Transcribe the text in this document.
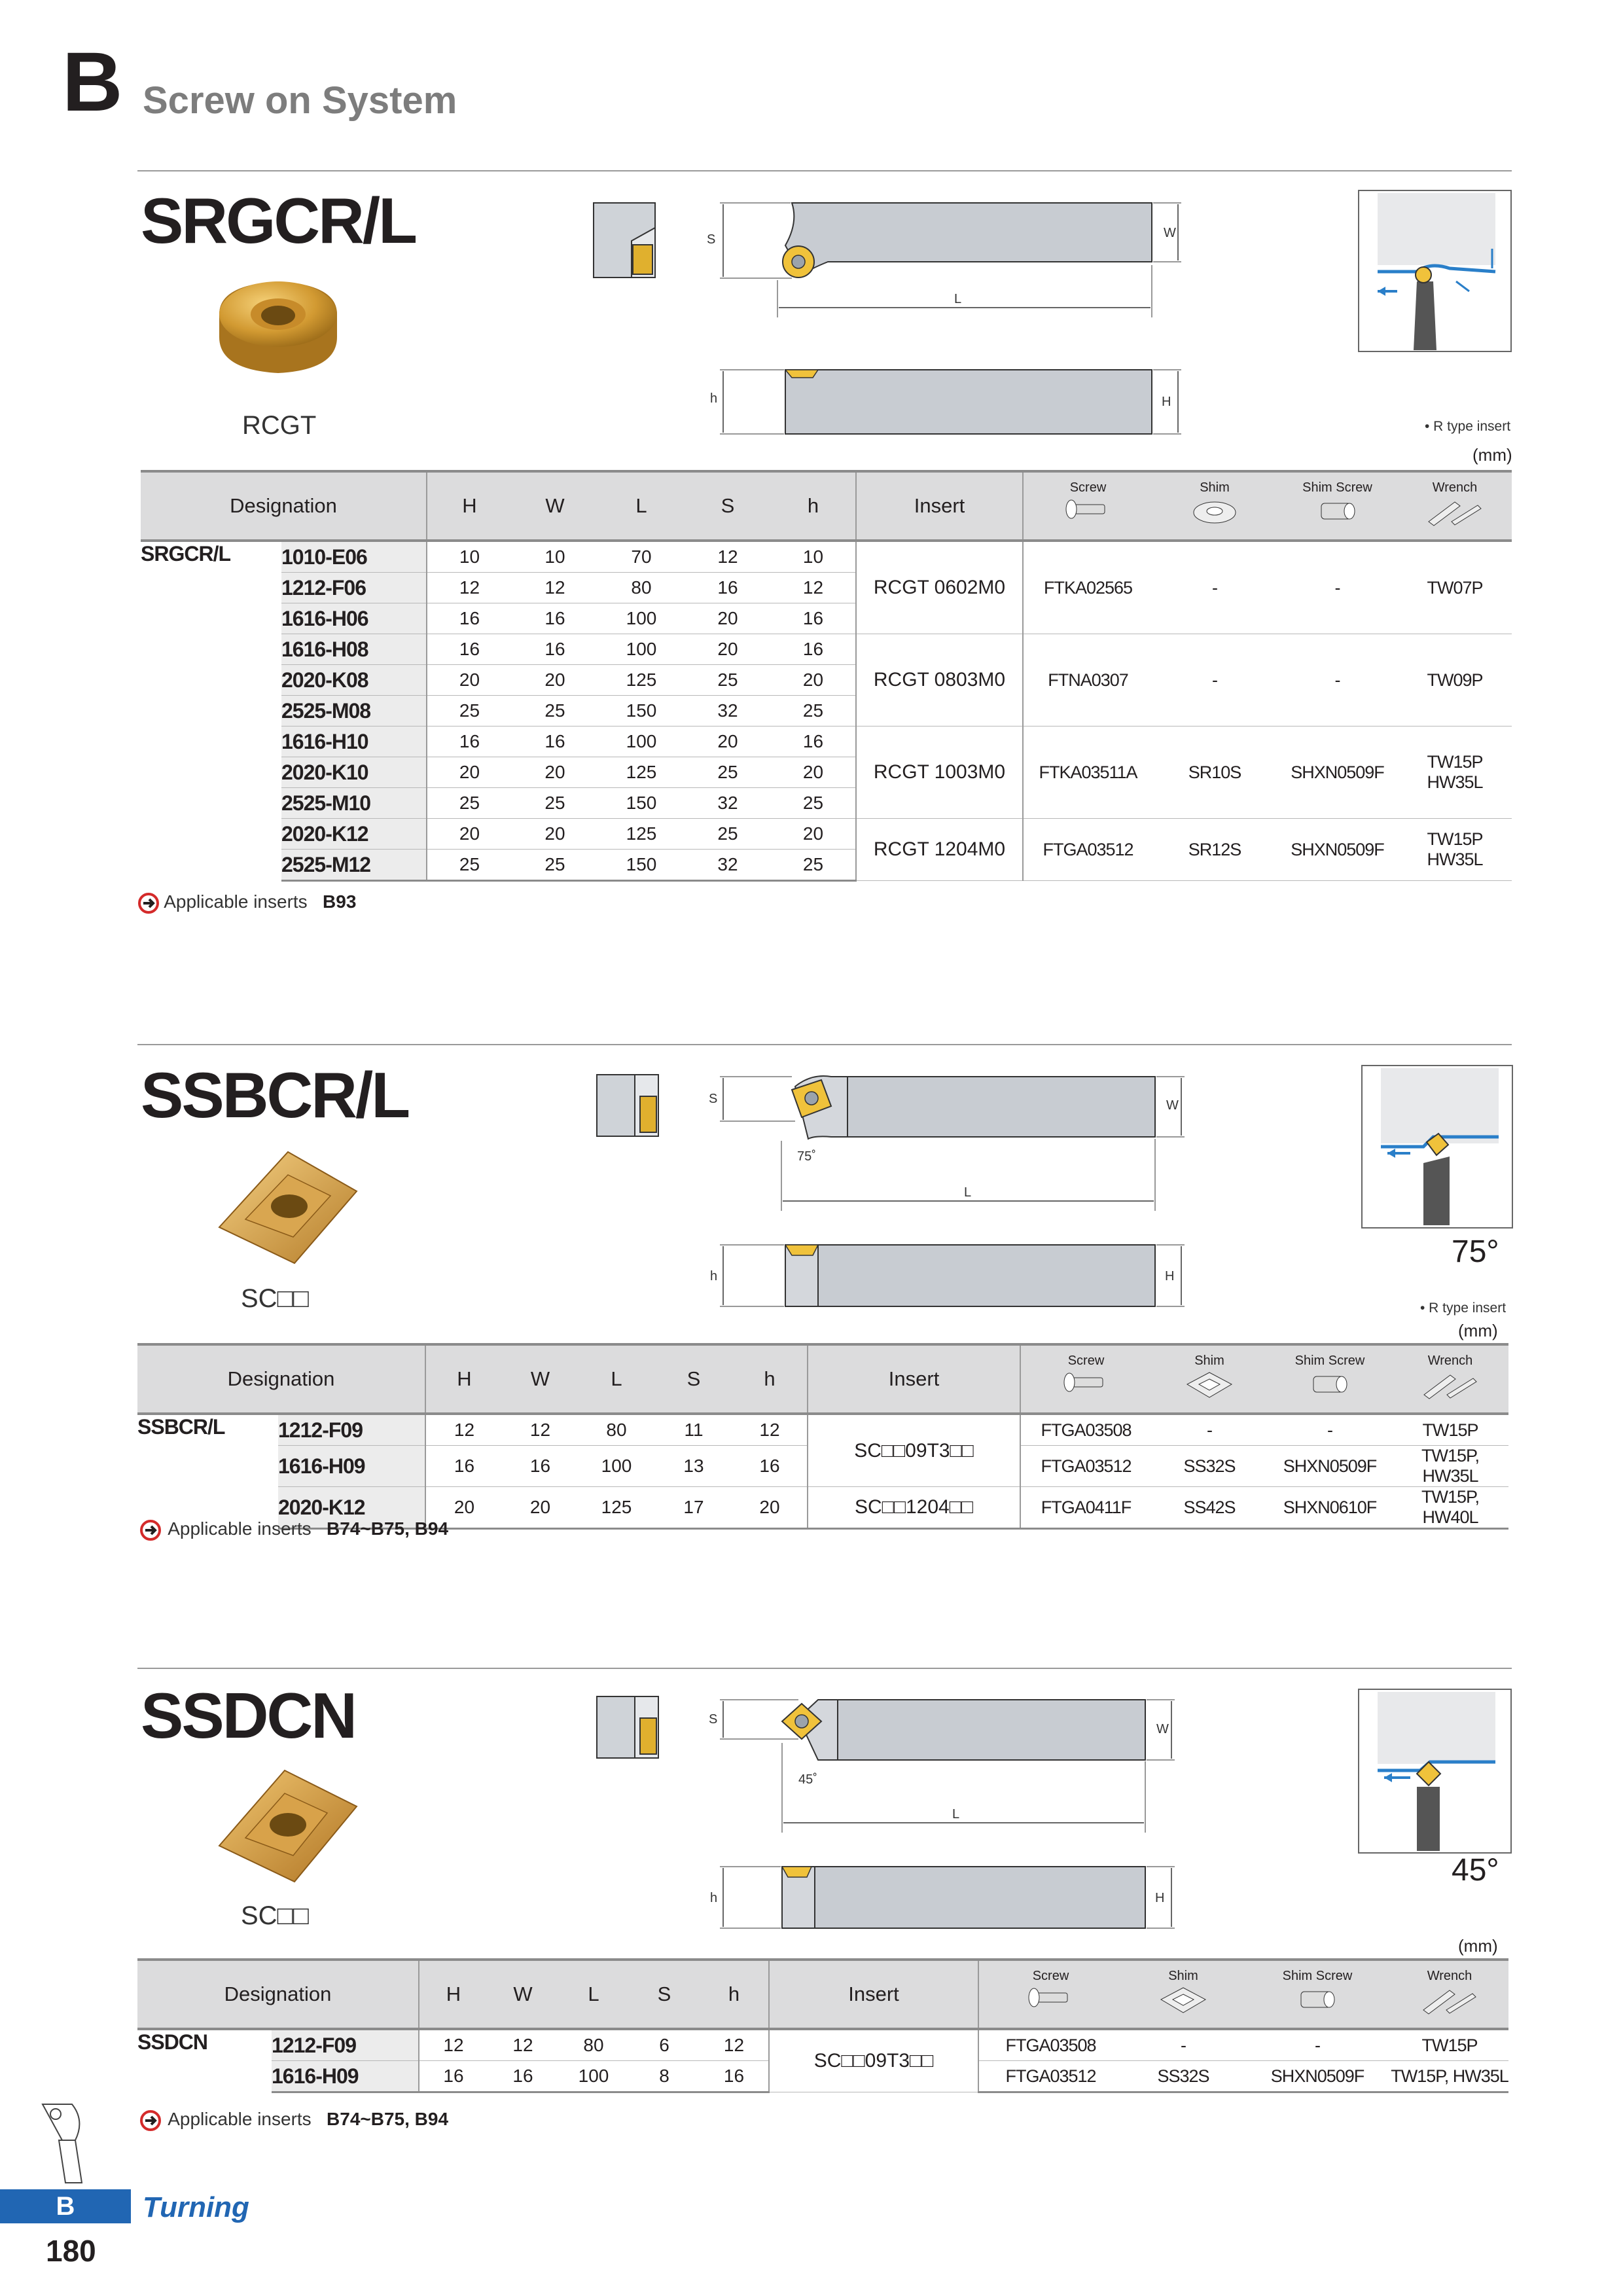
B Screw on System
SRGCR/L
RCGT
S	W
L
h	H
• R type insert
(mm)
Designation		H	W	L	S	h	Insert	Screw	Shim	Shim Screw	Wrench

SRGCR/L	1010-E06	10	10	70	12	10	RCGT 0602M0	FTKA02565	-	-	TW07P
	1212-F06	12	12	80	16	12					
	1616-H06	16	16	100	20	16					
	1616-H08	16	16	100	20	16	RCGT 0803M0	FTNA0307	-	-	TW09P
	2020-K08	20	20	125	25	20					
	2525-M08	25	25	150	32	25					
	1616-H10	16	16	100	20	16	RCGT 1003M0	FTKA03511A	SR10S	SHXN0509F	TW15P
HW35L
	2020-K10	20	20	125	25	20					
	2525-M10	25	25	150	32	25					
	2020-K12	20	20	125	25	20	RCGT 1204M0	FTGA03512	SR12S	SHXN0509F	TW15P
HW35L
	2525-M12	25	25	150	32	25					
Applicable inserts B93
SSBCR/L
SC□□
S
75˚
W
L
h	H
75°
• R type insert
(mm)
Designation		H	W	L	S	h	Insert	Screw	Shim	Shim Screw	Wrench

SSBCR/L	1212-F09	12	12	80	11	12	SC□□09T3□□	FTGA03508	-	-	TW15P
	1616-H09	16	16	100	13	16		FTGA03512	SS32S	SHXN0509F	TW15P, HW35L
	2020-K12	20	20	125	17	20	SC□□1204□□	FTGA0411F	SS42S	SHXN0610F	TW15P, HW40L
Applicable inserts B74~B75, B94
SSDCN
SC□□
S
45˚
W
L
h	H
45°
(mm)
Designation		H	W	L	S	h	Insert	Screw	Shim	Shim Screw	Wrench

SSDCN	1212-F09	12	12	80	6	12	SC□□09T3□□	FTGA03508	-	-	TW15P
	1616-H09	16	16	100	8	16		FTGA03512	SS32S	SHXN0509F	TW15P, HW35L
Applicable inserts B74~B75, B94
B	Turning
180
